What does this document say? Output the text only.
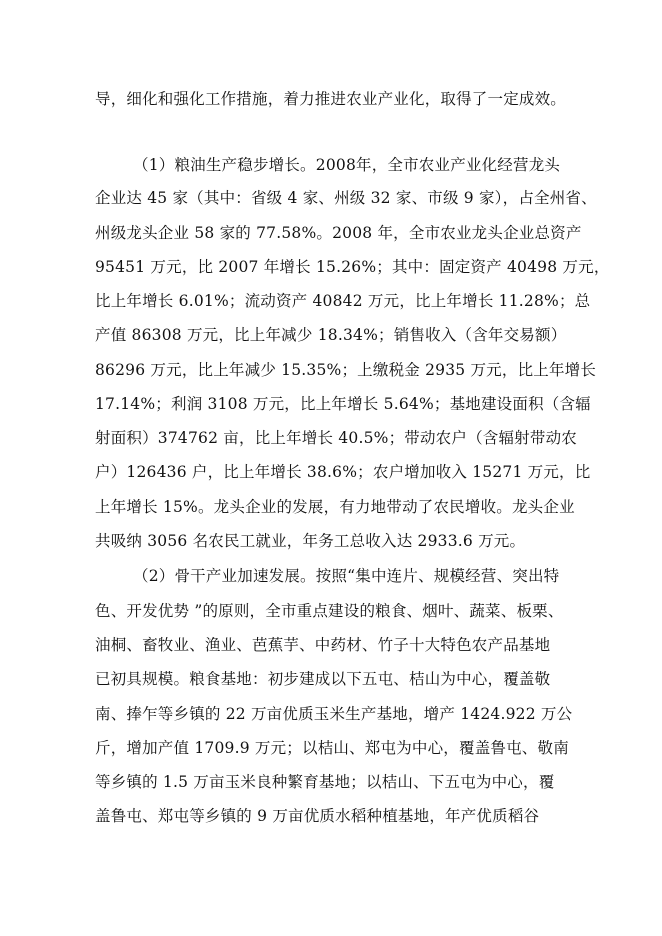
导，细化和强化工作措施，着力推进农业产业化，取得了一定成效。
（1）粮油生产稳步增长。2008年，全市农业产业化经营龙头
企业达 45 家（其中：省级 4 家、州级 32 家、市级 9 家），占全州省、
州级龙头企业 58 家的 77.58%。2008 年，全市农业龙头企业总资产
95451 万元，比 2007 年增长 15.26%；其中：固定资产 40498 万元，
比上年增长 6.01%；流动资产 40842 万元，比上年增长 11.28%；总
产值 86308 万元，比上年减少 18.34%；销售收入（含年交易额）
86296 万元，比上年减少 15.35%；上缴税金 2935 万元，比上年增长
17.14%；利润 3108 万元，比上年增长 5.64%；基地建设面积（含辐
射面积）374762 亩，比上年增长 40.5%；带动农户（含辐射带动农
户）126436 户，比上年增长 38.6%；农户增加收入 15271 万元，比
上年增长 15%。龙头企业的发展，有力地带动了农民增收。龙头企业
共吸纳 3056 名农民工就业，年务工总收入达 2933.6 万元。
（2）骨干产业加速发展。按照“集中连片、规模经营、突出特
色、开发优势 ”的原则，全市重点建设的粮食、烟叶、蔬菜、板栗、
油桐、畜牧业、渔业、芭蕉芋、中药材、竹子十大特色农产品基地
已初具规模。粮食基地：初步建成以下五屯、桔山为中心，覆盖敬
南、捧乍等乡镇的 22 万亩优质玉米生产基地，增产 1424.922 万公
斤，增加产值 1709.9 万元；以桔山、郑屯为中心，覆盖鲁屯、敬南
等乡镇的 1.5 万亩玉米良种繁育基地；以桔山、下五屯为中心，覆
盖鲁屯、郑屯等乡镇的 9 万亩优质水稻种植基地，年产优质稻谷
